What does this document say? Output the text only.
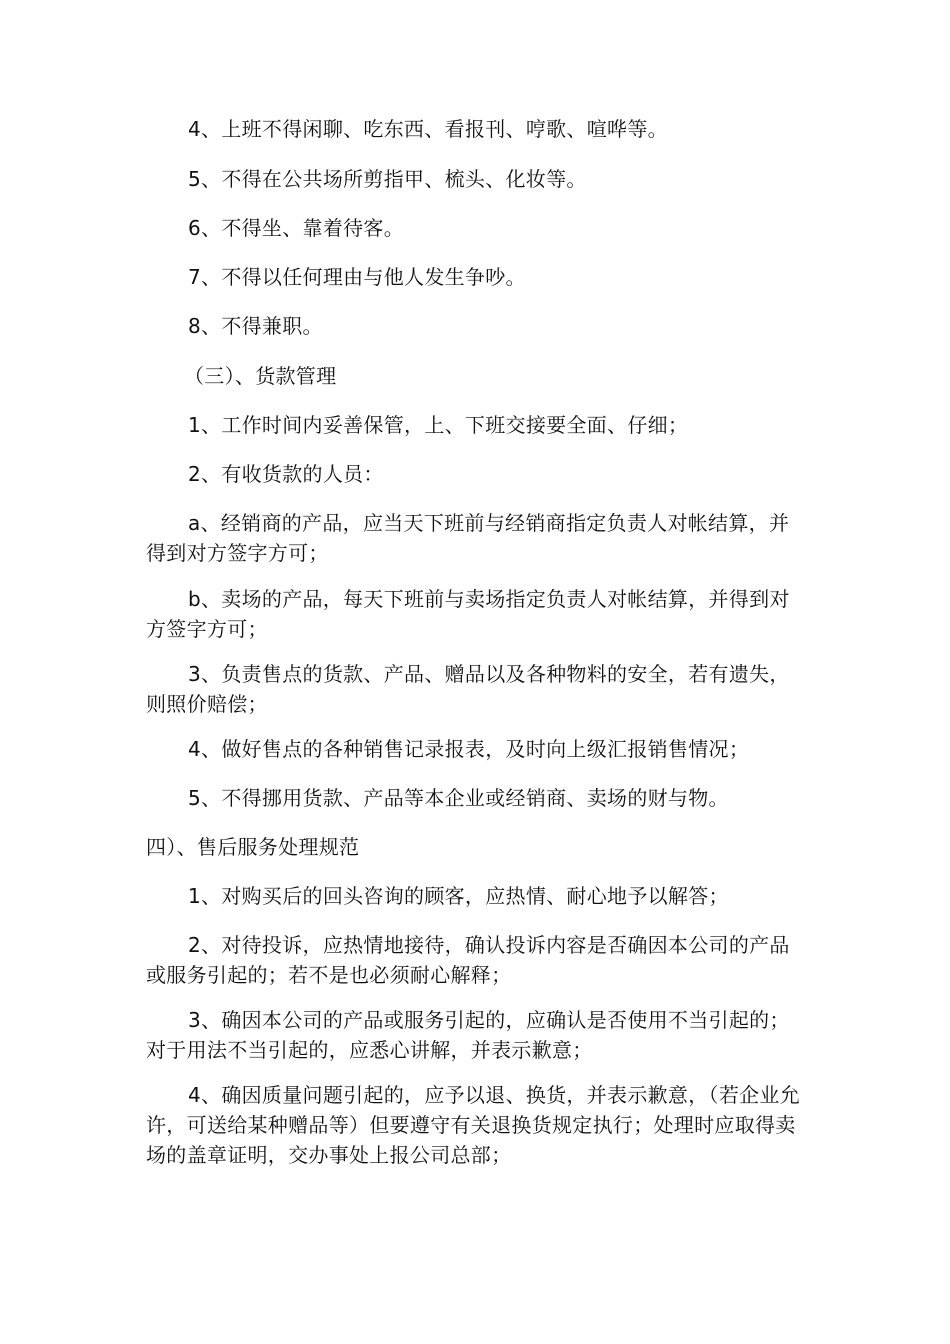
4、上班不得闲聊、吃东西、看报刊、哼歌、喧哗等。
5、不得在公共场所剪指甲、梳头、化妆等。
6、不得坐、靠着待客。
7、不得以任何理由与他人发生争吵。
8、不得兼职。
（三）、货款管理
1、工作时间内妥善保管，上、下班交接要全面、仔细；
2、有收货款的人员：
a、经销商的产品，应当天下班前与经销商指定负责人对帐结算，并得到对方签字方可；
b、卖场的产品，每天下班前与卖场指定负责人对帐结算，并得到对方签字方可；
3、负责售点的货款、产品、赠品以及各种物料的安全，若有遗失，则照价赔偿；
4、做好售点的各种销售记录报表，及时向上级汇报销售情况；
5、不得挪用货款、产品等本企业或经销商、卖场的财与物。
四）、售后服务处理规范
1、对购买后的回头咨询的顾客，应热情、耐心地予以解答；
2、对待投诉，应热情地接待，确认投诉内容是否确因本公司的产品或服务引起的；若不是也必须耐心解释；
3、确因本公司的产品或服务引起的，应确认是否使用不当引起的；对于用法不当引起的，应悉心讲解，并表示歉意；
4、确因质量问题引起的，应予以退、换货，并表示歉意，（若企业允许，可送给某种赠品等）但要遵守有关退换货规定执行；处理时应取得卖场的盖章证明，交办事处上报公司总部；
